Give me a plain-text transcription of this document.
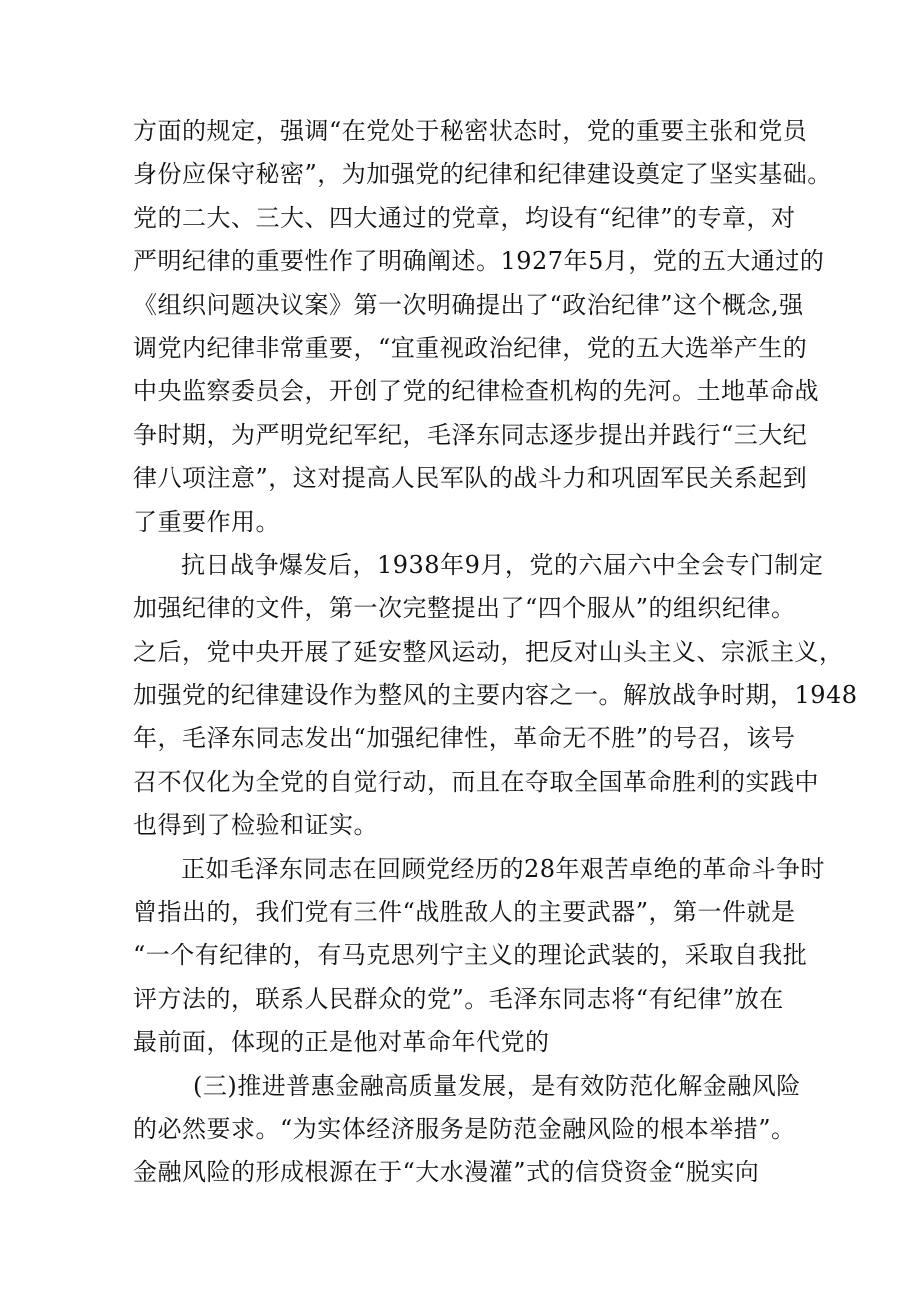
方面的规定，强调“在党处于秘密状态时，党的重要主张和党员
身份应保守秘密”，为加强党的纪律和纪律建设奠定了坚实基础。
党的二大、三大、四大通过的党章，均设有“纪律”的专章，对
严明纪律的重要性作了明确阐述。1927年5月，党的五大通过的
《组织问题决议案》第一次明确提出了“政治纪律”这个概念,强
调党内纪律非常重要，“宜重视政治纪律，党的五大选举产生的
中央监察委员会，开创了党的纪律检查机构的先河。土地革命战
争时期，为严明党纪军纪，毛泽东同志逐步提出并践行“三大纪
律八项注意”，这对提高人民军队的战斗力和巩固军民关系起到
了重要作用。
抗日战争爆发后，1938年9月，党的六届六中全会专门制定
加强纪律的文件，第一次完整提出了“四个服从”的组织纪律。
之后，党中央开展了延安整风运动，把反对山头主义、宗派主义，
加强党的纪律建设作为整风的主要内容之一。解放战争时期，1948
年，毛泽东同志发出“加强纪律性，革命无不胜”的号召，该号
召不仅化为全党的自觉行动，而且在夺取全国革命胜利的实践中
也得到了检验和证实。
正如毛泽东同志在回顾党经历的28年艰苦卓绝的革命斗争时
曾指出的，我们党有三件“战胜敌人的主要武器”，第一件就是
“一个有纪律的，有马克思列宁主义的理论武装的，采取自我批
评方法的，联系人民群众的党”。毛泽东同志将“有纪律”放在
最前面，体现的正是他对革命年代党的
(三)推进普惠金融高质量发展，是有效防范化解金融风险
的必然要求。“为实体经济服务是防范金融风险的根本举措”。
金融风险的形成根源在于“大水漫灌”式的信贷资金“脱实向
